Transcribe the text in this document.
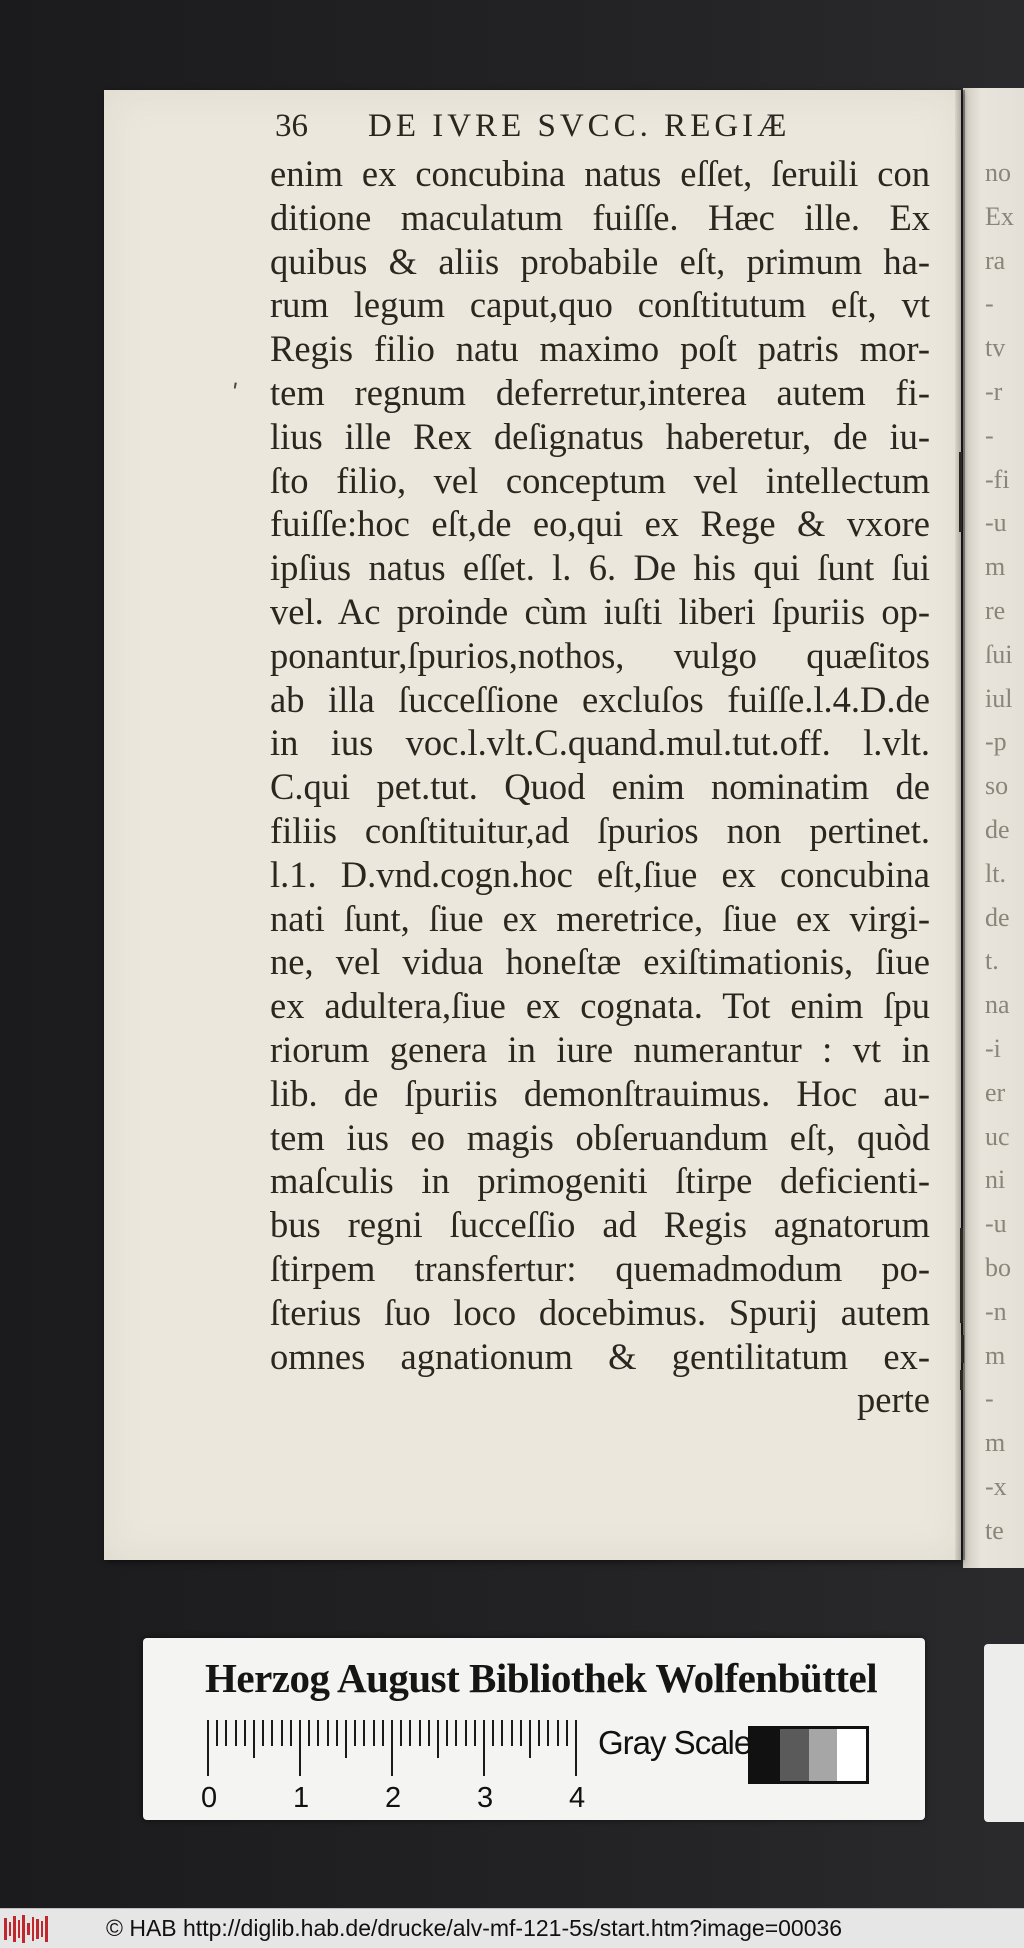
no
Ex
ra
-
tv
-r
-
-fi
-u
m
re
ſui
iul
-p
so
de
lt.
de
t.
na
-i
er
uc
ni
-u
bo
-n
m
-
m
-x
te
36 DE IVRE SVCC. REGIÆ
ʹ
enim ex concubina natus eſſet, ſeruili con
ditione maculatum fuiſſe. Hæc ille. Ex
quibus & aliis probabile eſt, primum ha-
rum legum caput,quo conſtitutum eſt, vt
Regis filio natu maximo poſt patris mor-
tem regnum deferretur,interea autem fi-
lius ille Rex deſignatus haberetur, de iu-
ſto filio, vel conceptum vel intellectum
fuiſſe:hoc eſt,de eo,qui ex Rege & vxore
ipſius natus eſſet. l. 6. De his qui ſunt ſui
vel. Ac proinde cùm iuſti liberi ſpuriis op-
ponantur,ſpurios,nothos, vulgo quæſitos
ab illa ſucceſſione excluſos fuiſſe.l.4.D.de
in ius voc.l.vlt.C.quand.mul.tut.off. l.vlt.
C.qui pet.tut. Quod enim nominatim de
filiis conſtituitur,ad ſpurios non pertinet.
l.1. D.vnd.cogn.hoc eſt,ſiue ex concubina
nati ſunt, ſiue ex meretrice, ſiue ex virgi-
ne, vel vidua honeſtæ exiſtimationis, ſiue
ex adultera,ſiue ex cognata. Tot enim ſpu
riorum genera in iure numerantur : vt in
lib. de ſpuriis demonſtrauimus. Hoc au-
tem ius eo magis obſeruandum eſt, quòd
maſculis in primogeniti ſtirpe deficienti-
bus regni ſucceſſio ad Regis agnatorum
ſtirpem transfertur: quemadmodum po-
ſterius ſuo loco docebimus. Spurij autem
omnes agnationum & gentilitatum ex-
perte
Herzog August Bibliothek Wolfenbüttel
0	1	2	3	4
Gray Scale
© HAB http://diglib.hab.de/drucke/alv-mf-121-5s/start.htm?image=00036
